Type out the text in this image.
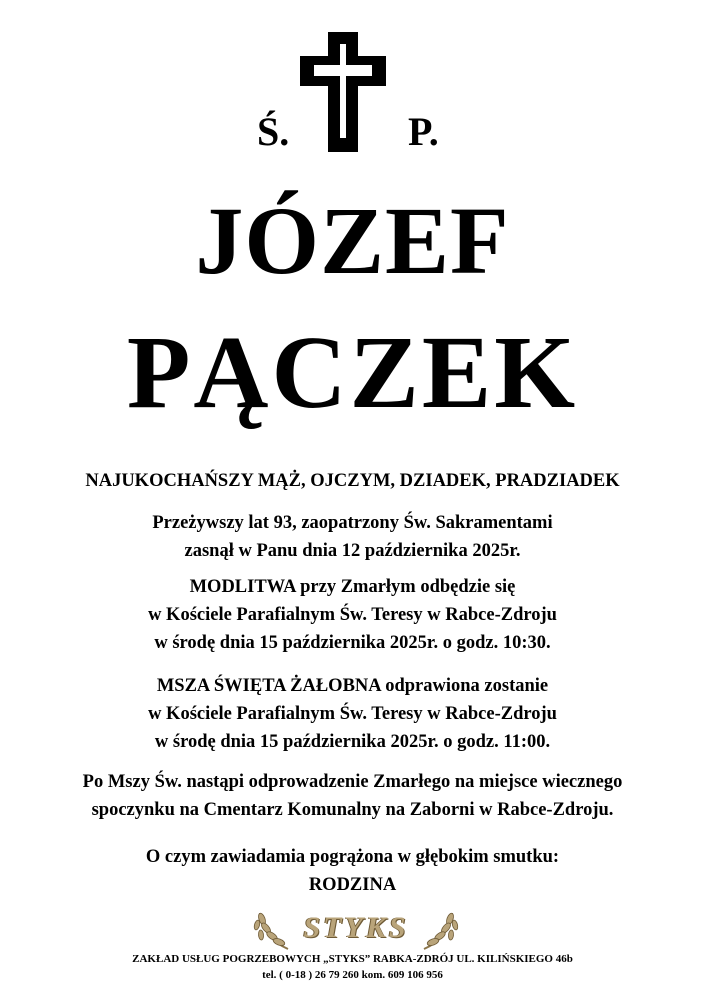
Ś.	P.
JÓZEF
PĄCZEK
NAJUKOCHAŃSZY MĄŻ, OJCZYM, DZIADEK, PRADZIADEK
Przeżywszy lat 93, zaopatrzony Św. Sakramentami
zasnął w Panu dnia 12 października 2025r.
MODLITWA przy Zmarłym odbędzie się
w Kościele Parafialnym Św. Teresy w Rabce-Zdroju
w środę dnia 15 października 2025r. o godz. 10:30.
MSZA ŚWIĘTA ŻAŁOBNA odprawiona zostanie
w Kościele Parafialnym Św. Teresy w Rabce-Zdroju
w środę dnia 15 października 2025r. o godz. 11:00.
Po Mszy Św. nastąpi odprowadzenie Zmarłego na miejsce wiecznego
spoczynku na Cmentarz Komunalny na Zaborni w Rabce-Zdroju.
O czym zawiadamia pogrążona w głębokim smutku:
RODZINA
STYKS
ZAKŁAD USŁUG POGRZEBOWYCH „STYKS” RABKA-ZDRÓJ UL. KILIŃSKIEGO 46b
tel. ( 0-18 ) 26 79 260 kom. 609 106 956
